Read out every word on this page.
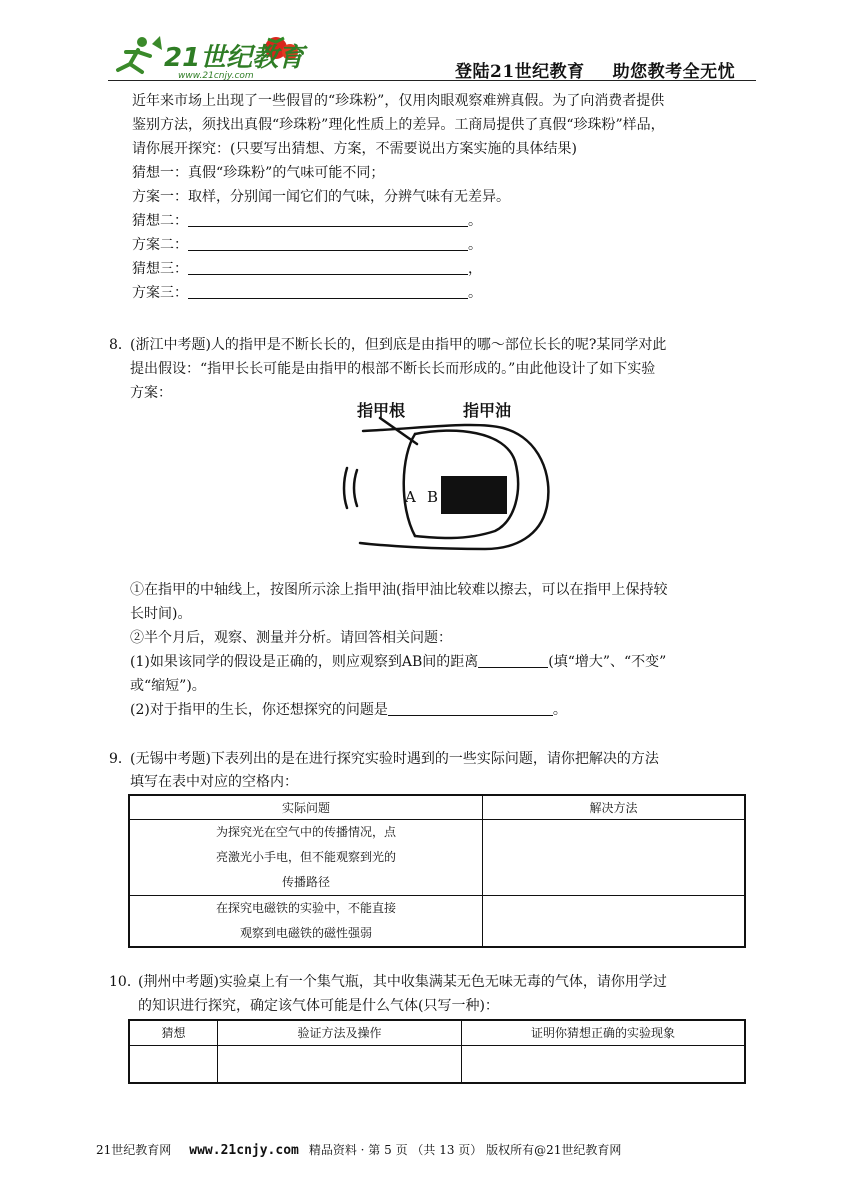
21世纪教育
www.21cnjy.com	登陆21世纪教育 助您教考全无忧
近年来市场上出现了一些假冒的“珍珠粉”，仅用肉眼观察难辨真假。为了向消费者提供
鉴别方法，须找出真假“珍珠粉”理化性质上的差异。工商局提供了真假“珍珠粉”样品，
请你展开探究：(只要写出猜想、方案，不需要说出方案实施的具体结果)
猜想一：真假“珍珠粉”的气味可能不同；
方案一：取样，分别闻一闻它们的气味，分辨气味有无差异。
猜想二：	。
方案二：	。
猜想三：	，
方案三：	。
8．
(浙江中考题)人的指甲是不断长长的，但到底是由指甲的哪～部位长长的呢?某同学对此
提出假设：“指甲长长可能是由指甲的根部不断长长而形成的。”由此他设计了如下实验
方案：
指甲根	指甲油
A B
①在指甲的中轴线上，按图所示涂上指甲油(指甲油比较难以擦去，可以在指甲上保持较
长时间)。
②半个月后，观察、测量并分析。请回答相关问题：
(1)如果该同学的假设是正确的，则应观察到AB间的距离	(填“增大”、“不变”
或“缩短”)。
(2)对于指甲的生长，你还想探究的问题是	。
9．
(无锡中考题)下表列出的是在进行探究实验时遇到的一些实际问题，请你把解决的方法
填写在表中对应的空格内：
实际问题	解决方法

为探究光在空气中的传播情况，点
亮激光小手电，但不能观察到光的
传播路径	

在探究电磁铁的实验中，不能直接
观察到电磁铁的磁性强弱	

10．
(荆州中考题)实验桌上有一个集气瓶，其中收集满某无色无味无毒的气体，请你用学过
的知识进行探究，确定该气体可能是什么气体(只写一种)：
猜想	验证方法及操作	证明你猜想正确的实验现象

21世纪教育网 www.21cnjy.com 精品资料 · 第 5 页 （共 13 页） 版权所有@21世纪教育网
